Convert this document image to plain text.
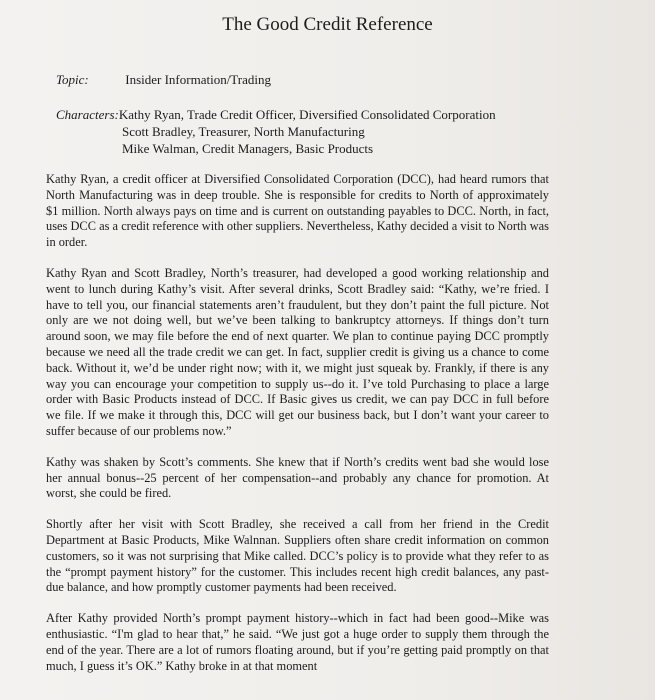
The Good Credit Reference
Topic:	Insider Information/Trading
Characters:Kathy Ryan, Trade Credit Officer, Diversified Consolidated Corporation
Scott Bradley, Treasurer, North Manufacturing
Mike Walman, Credit Managers, Basic Products

Kathy Ryan, a credit officer at Diversified Consolidated Corporation (DCC), had heard rumors that North Manufacturing was in deep trouble. She is responsible for credits to North of approximately $1 million. North always pays on time and is current on outstanding payables to DCC. North, in fact, uses DCC as a credit reference with other suppliers. Nevertheless, Kathy decided a visit to North was in order.

Kathy Ryan and Scott Bradley, North’s treasurer, had developed a good working relationship and went to lunch during Kathy’s visit. After several drinks, Scott Bradley said: “Kathy, we’re fried. I have to tell you, our financial statements aren’t fraudulent, but they don’t paint the full picture. Not only are we not doing well, but we’ve been talking to bankruptcy attorneys. If things don’t turn around soon, we may file before the end of next quarter. We plan to continue paying DCC promptly because we need all the trade credit we can get. In fact, supplier credit is giving us a chance to come back. Without it, we’d be under right now; with it, we might just squeak by. Frankly, if there is any way you can encourage your competition to supply us--do it. I’ve told Purchasing to place a large order with Basic Products instead of DCC. If Basic gives us credit, we can pay DCC in full before we file. If we make it through this, DCC will get our business back, but I don’t want your career to suffer because of our problems now.”

Kathy was shaken by Scott’s comments. She knew that if North’s credits went bad she would lose her annual bonus--25 percent of her compensation--and probably any chance for promotion. At worst, she could be fired.

Shortly after her visit with Scott Bradley, she received a call from her friend in the Credit Department at Basic Products, Mike Walnnan. Suppliers often share credit information on common customers, so it was not surprising that Mike called. DCC’s policy is to provide what they refer to as the “prompt payment history” for the customer. This includes recent high credit balances, any past-due balance, and how promptly customer payments had been received.

After Kathy provided North’s prompt payment history--which in fact had been good--Mike was enthusiastic. “I'm glad to hear that,” he said. “We just got a huge order to supply them through the end of the year. There are a lot of rumors floating around, but if you’re getting paid promptly on that much, I guess it’s OK.” Kathy broke in at that moment
